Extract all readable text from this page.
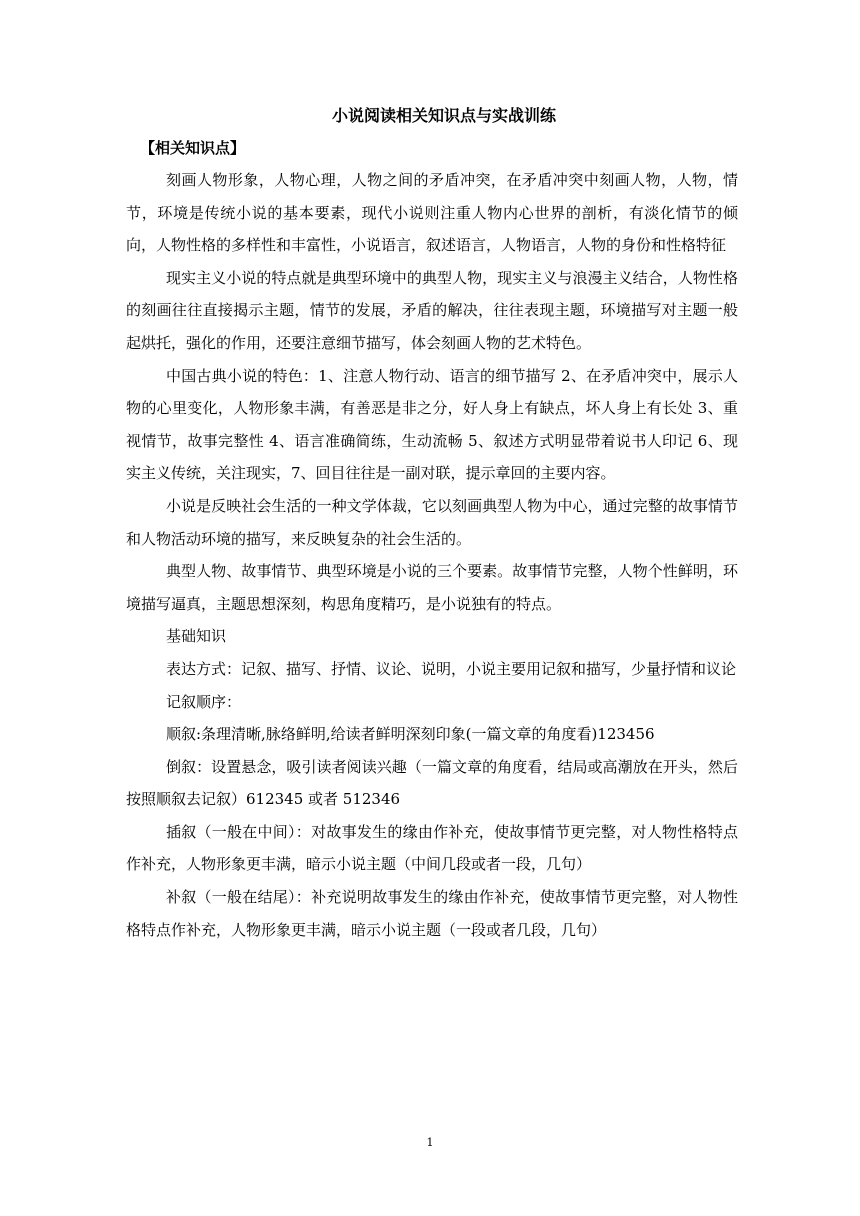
小说阅读相关知识点与实战训练
【相关知识点】

刻画人物形象，人物心理，人物之间的矛盾冲突，在矛盾冲突中刻画人物，人物，情节，环境是传统小说的基本要素，现代小说则注重人物内心世界的剖析，有淡化情节的倾向，人物性格的多样性和丰富性，小说语言，叙述语言，人物语言，人物的身份和性格特征

现实主义小说的特点就是典型环境中的典型人物，现实主义与浪漫主义结合，人物性格的刻画往往直接揭示主题，情节的发展，矛盾的解决，往往表现主题，环境描写对主题一般起烘托，强化的作用，还要注意细节描写，体会刻画人物的艺术特色。

中国古典小说的特色：1、注意人物行动、语言的细节描写 2、在矛盾冲突中，展示人物的心里变化，人物形象丰满，有善恶是非之分，好人身上有缺点，坏人身上有长处 3、重视情节，故事完整性 4、语言准确简练，生动流畅 5、叙述方式明显带着说书人印记 6、现实主义传统，关注现实，7、回目往往是一副对联，提示章回的主要内容。

小说是反映社会生活的一种文学体裁，它以刻画典型人物为中心，通过完整的故事情节和人物活动环境的描写，来反映复杂的社会生活的。

典型人物、故事情节、典型环境是小说的三个要素。故事情节完整，人物个性鲜明，环境描写逼真，主题思想深刻，构思角度精巧，是小说独有的特点。

基础知识

表达方式：记叙、描写、抒情、议论、说明，小说主要用记叙和描写，少量抒情和议论

记叙顺序：

顺叙:条理清晰,脉络鲜明,给读者鲜明深刻印象(一篇文章的角度看)123456

倒叙：设置悬念，吸引读者阅读兴趣（一篇文章的角度看，结局或高潮放在开头，然后按照顺叙去记叙）612345 或者 512346

插叙（一般在中间）：对故事发生的缘由作补充，使故事情节更完整，对人物性格特点作补充，人物形象更丰满，暗示小说主题（中间几段或者一段，几句）

补叙（一般在结尾）：补充说明故事发生的缘由作补充，使故事情节更完整，对人物性格特点作补充，人物形象更丰满，暗示小说主题（一段或者几段，几句）

1
